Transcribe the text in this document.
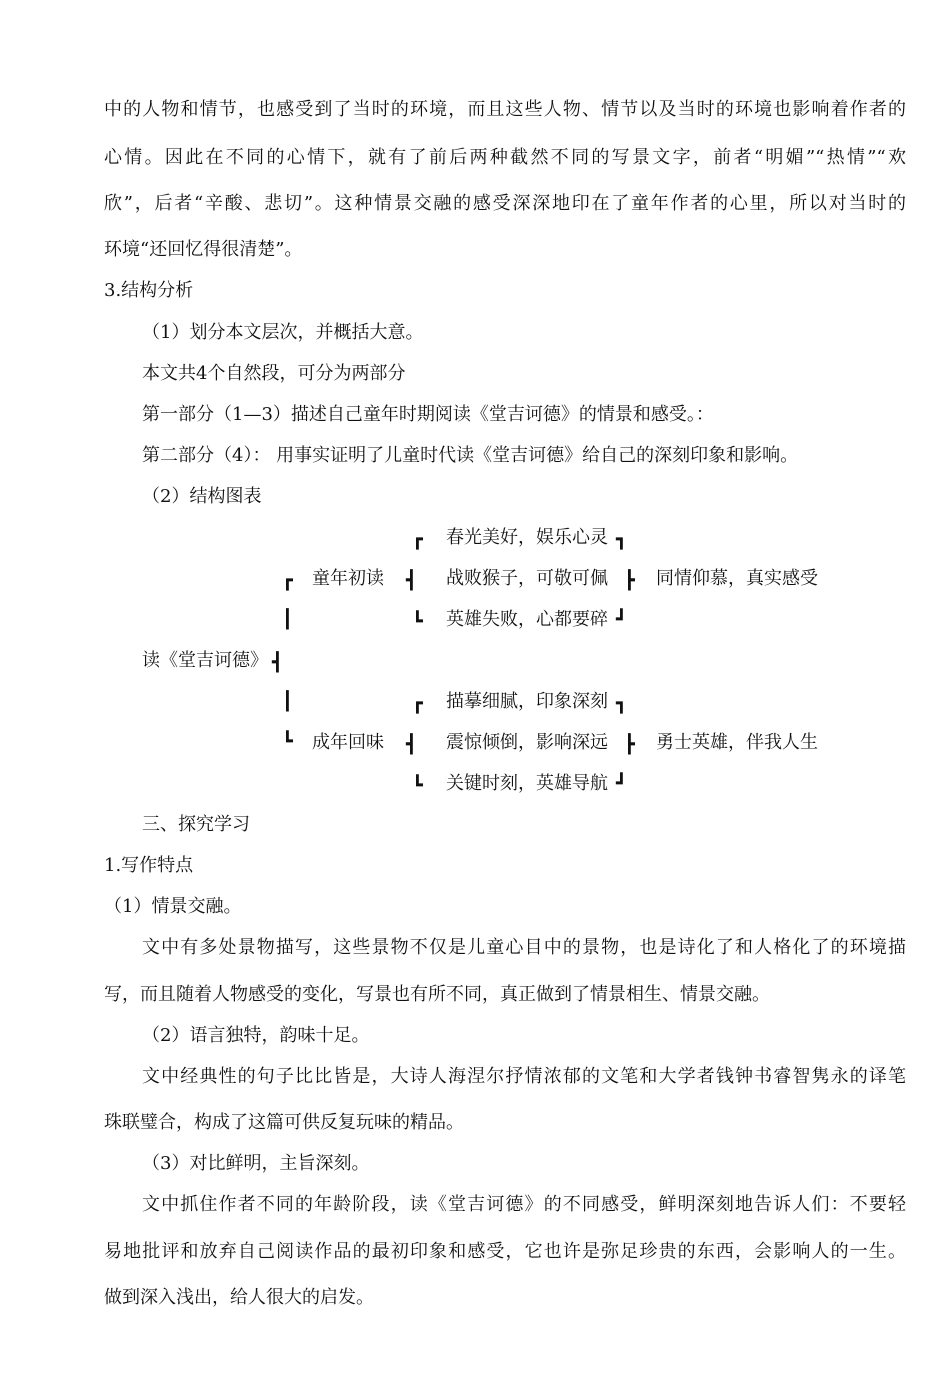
中的人物和情节，也感受到了当时的环境，而且这些人物、情节以及当时的环境也影响着作者的
心情。因此在不同的心情下，就有了前后两种截然不同的写景文字，前者“明媚”“热情”“欢
欣”，后者“辛酸、悲切”。这种情景交融的感受深深地印在了童年作者的心里，所以对当时的
环境“还回忆得很清楚”。
3.结构分析
（1）划分本文层次，并概括大意。
本文共4个自然段，可分为两部分
第一部分（1—3）描述自己童年时期阅读《堂吉诃德》的情景和感受。：
第二部分（4）： 用事实证明了儿童时代读《堂吉诃德》给自己的深刻印象和影响。
（2）结构图表
┏ 春光美好，娱乐心灵 ┓
┏ 童年初读 ┫ 战败猴子，可敬可佩 ┣ 同情仰慕，真实感受
┃	┗ 英雄失败，心都要碎 ┛
读《堂吉诃德》 ┫
┃	┏ 描摹细腻，印象深刻 ┓
┗ 成年回味 ┫ 震惊倾倒，影响深远 ┣ 勇士英雄，伴我人生
┗ 关键时刻，英雄导航 ┛
三、探究学习
1.写作特点
（1）情景交融。
文中有多处景物描写，这些景物不仅是儿童心目中的景物，也是诗化了和人格化了的环境描
写，而且随着人物感受的变化，写景也有所不同，真正做到了情景相生、情景交融。
（2）语言独特，韵味十足。
文中经典性的句子比比皆是，大诗人海涅尔抒情浓郁的文笔和大学者钱钟书睿智隽永的译笔
珠联璧合，构成了这篇可供反复玩味的精品。
（3）对比鲜明，主旨深刻。
文中抓住作者不同的年龄阶段，读《堂吉诃德》的不同感受，鲜明深刻地告诉人们：不要轻
易地批评和放弃自己阅读作品的最初印象和感受，它也许是弥足珍贵的东西，会影响人的一生。
做到深入浅出，给人很大的启发。
